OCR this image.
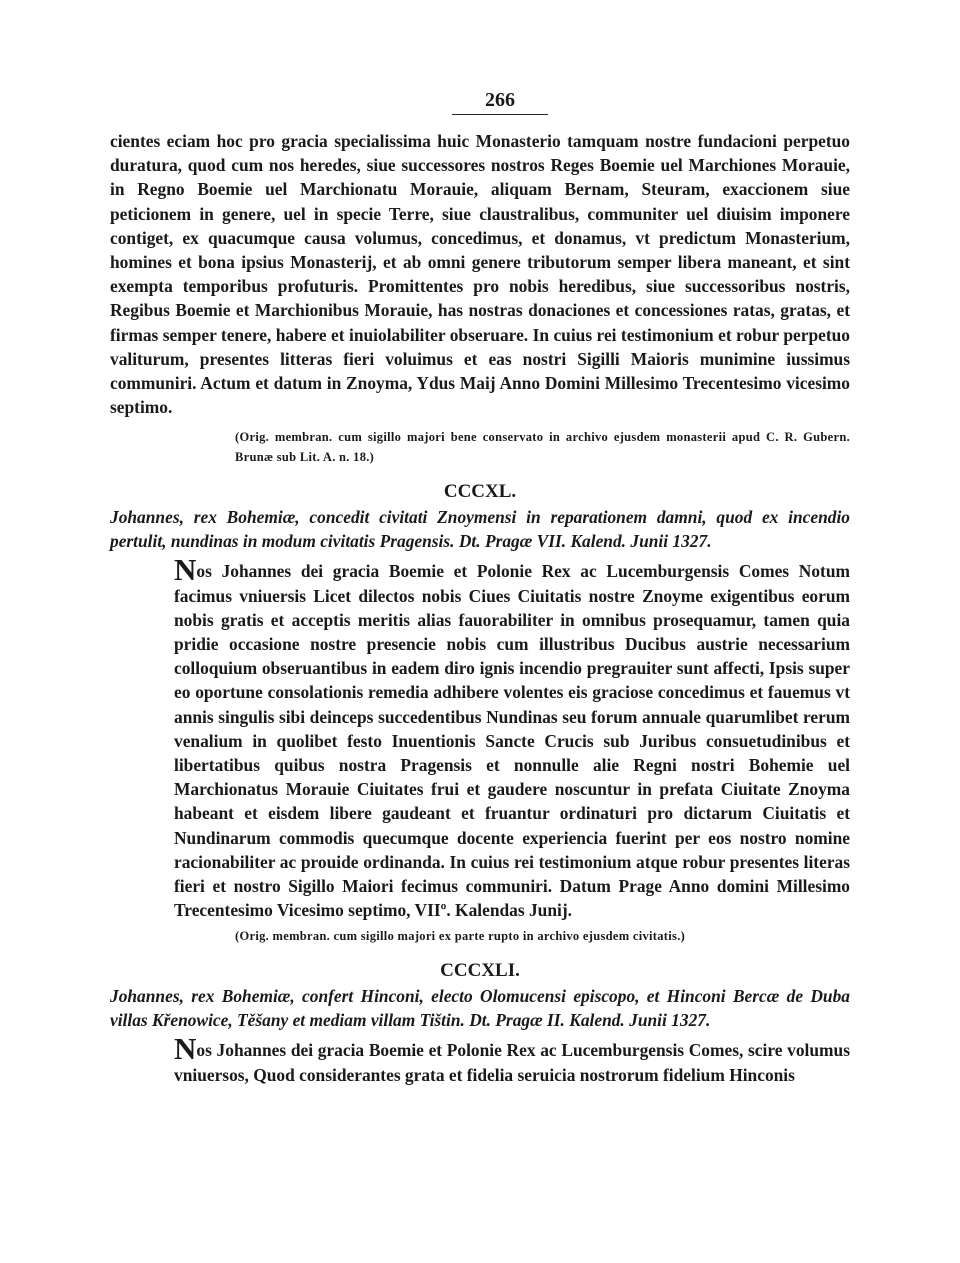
266

cientes eciam hoc pro gracia specialissima huic Monasterio tamquam nostre fundacioni perpetuo duratura, quod cum nos heredes, siue successores nostros Reges Boemie uel Marchiones Morauie, in Regno Boemie uel Marchionatu Morauie, aliquam Bernam, Steuram, exaccionem siue peticionem in genere, uel in specie Terre, siue claustralibus, communiter uel diuisim imponere contiget, ex quacumque causa volumus, concedimus, et donamus, vt predictum Monasterium, homines et bona ipsius Monasterij, et ab omni genere tributorum semper libera maneant, et sint exempta temporibus profuturis. Promittentes pro nobis heredibus, siue successoribus nostris, Regibus Boemie et Marchionibus Morauie, has nostras donaciones et concessiones ratas, gratas, et firmas semper tenere, habere et inuiolabiliter obseruare. In cuius rei testimonium et robur perpetuo valiturum, presentes litteras fieri voluimus et eas nostri Sigilli Maioris munimine iussimus communiri. Actum et datum in Znoyma, Ydus Maij Anno Domini Millesimo Trecentesimo vicesimo septimo.

(Orig. membran. cum sigillo majori bene conservato in archivo ejusdem monasterii apud C. R. Gubern. Brunæ sub Lit. A. n. 18.)

CCCXL.

Johannes, rex Bohemiæ, concedit civitati Znoymensi in reparationem damni, quod ex incendio pertulit, nundinas in modum civitatis Pragensis. Dt. Pragæ VII. Kalend. Junii 1327.

Nos Johannes dei gracia Boemie et Polonie Rex ac Lucemburgensis Comes Notum facimus vniuersis Licet dilectos nobis Ciues Ciuitatis nostre Znoyme exigentibus eorum nobis gratis et acceptis meritis alias fauorabiliter in omnibus prosequamur, tamen quia pridie occasione nostre presencie nobis cum illustribus Ducibus austrie necessarium colloquium obseruantibus in eadem diro ignis incendio pregrauiter sunt affecti, Ipsis super eo oportune consolationis remedia adhibere volentes eis graciose concedimus et fauemus vt annis singulis sibi deinceps succedentibus Nundinas seu forum annuale quarumlibet rerum venalium in quolibet festo Inuentionis Sancte Crucis sub Juribus consuetudinibus et libertatibus quibus nostra Pragensis et nonnulle alie Regni nostri Bohemie uel Marchionatus Morauie Ciuitates frui et gaudere noscuntur in prefata Ciuitate Znoyma habeant et eisdem libere gaudeant et fruantur ordinaturi pro dictarum Ciuitatis et Nundinarum commodis quecumque docente experiencia fuerint per eos nostro nomine racionabiliter ac prouide ordinanda. In cuius rei testimonium atque robur presentes literas fieri et nostro Sigillo Maiori fecimus communiri. Datum Prage Anno domini Millesimo Trecentesimo Vicesimo septimo, VIIº. Kalendas Junij.

(Orig. membran. cum sigillo majori ex parte rupto in archivo ejusdem civitatis.)

CCCXLI.

Johannes, rex Bohemiæ, confert Hinconi, electo Olomucensi episcopo, et Hinconi Bercæ de Duba villas Křenowice, Těšany et mediam villam Tištin. Dt. Pragæ II. Kalend. Junii 1327.

Nos Johannes dei gracia Boemie et Polonie Rex ac Lucemburgensis Comes, scire volumus vniuersos, Quod considerantes grata et fidelia seruicia nostrorum fidelium Hinconis
